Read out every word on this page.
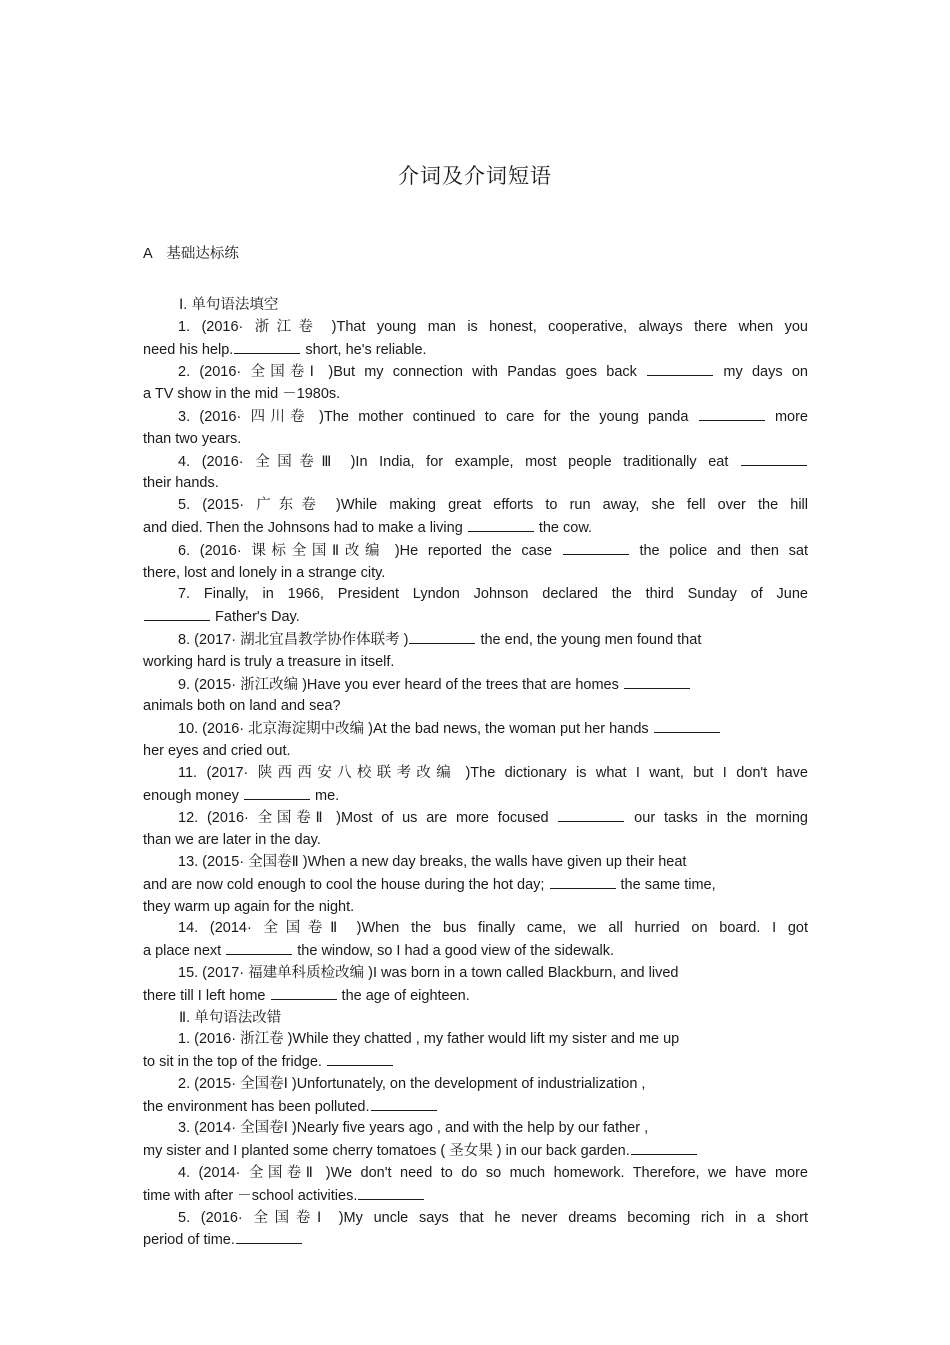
介词及介词短语
A　基础达标练
Ⅰ. 单句语法填空
1. (2016· 浙江卷 )That young man is honest, cooperative, always there when you
need his help.	short, he's reliable.
2. (2016· 全国卷Ⅰ )But my connection with Pandas goes back	my days on
a TV show in the mid －1980s.
3. (2016· 四川卷 )The mother continued to care for the young panda	more
than two years.
4. (2016· 全国卷Ⅲ )In India, for example, most people traditionally eat
their hands.
5. (2015· 广东卷 )While making great efforts to run away, she fell over the hill
and died. Then the Johnsons had to make a living	the cow.
6. (2016· 课标全国Ⅱ改编 )He reported the case	the police and then sat
there, lost and lonely in a strange city.
7. Finally, in 1966, President Lyndon Johnson declared the third Sunday of June
Father's Day.
8. (2017· 湖北宜昌教学协作体联考 )	the end, the young men found that
working hard is truly a treasure in itself.
9. (2015· 浙江改编 )Have you ever heard of the trees that are homes
animals both on land and sea?
10. (2016· 北京海淀期中改编 )At the bad news, the woman put her hands
her eyes and cried out.
11. (2017· 陕西西安八校联考改编 )The dictionary is what I want, but I don't have
enough money	me.
12. (2016· 全国卷Ⅱ )Most of us are more focused	our tasks in the morning
than we are later in the day.
13. (2015· 全国卷Ⅱ )When a new day breaks, the walls have given up their heat
and are now cold enough to cool the house during the hot day;	the same time,
they warm up again for the night.
14. (2014· 全国卷Ⅱ )When the bus finally came, we all hurried on board. I got
a place next	the window, so I had a good view of the sidewalk.
15. (2017· 福建单科质检改编 )I was born in a town called Blackburn, and lived
there till I left home	the age of eighteen.
Ⅱ. 单句语法改错
1. (2016· 浙江卷 )While they chatted , my father would lift my sister and me up
to sit in the top of the fridge.
2. (2015· 全国卷Ⅰ )Unfortunately, on the development of industrialization ,
the environment has been polluted.
3. (2014· 全国卷Ⅰ )Nearly five years ago , and with the help by our father ,
my sister and I planted some cherry tomatoes ( 圣女果 ) in our back garden.
4. (2014· 全国卷Ⅱ )We don't need to do so much homework. Therefore, we have more
time with after －school activities.
5. (2016· 全国卷Ⅰ )My uncle says that he never dreams becoming rich in a short
period of time.
